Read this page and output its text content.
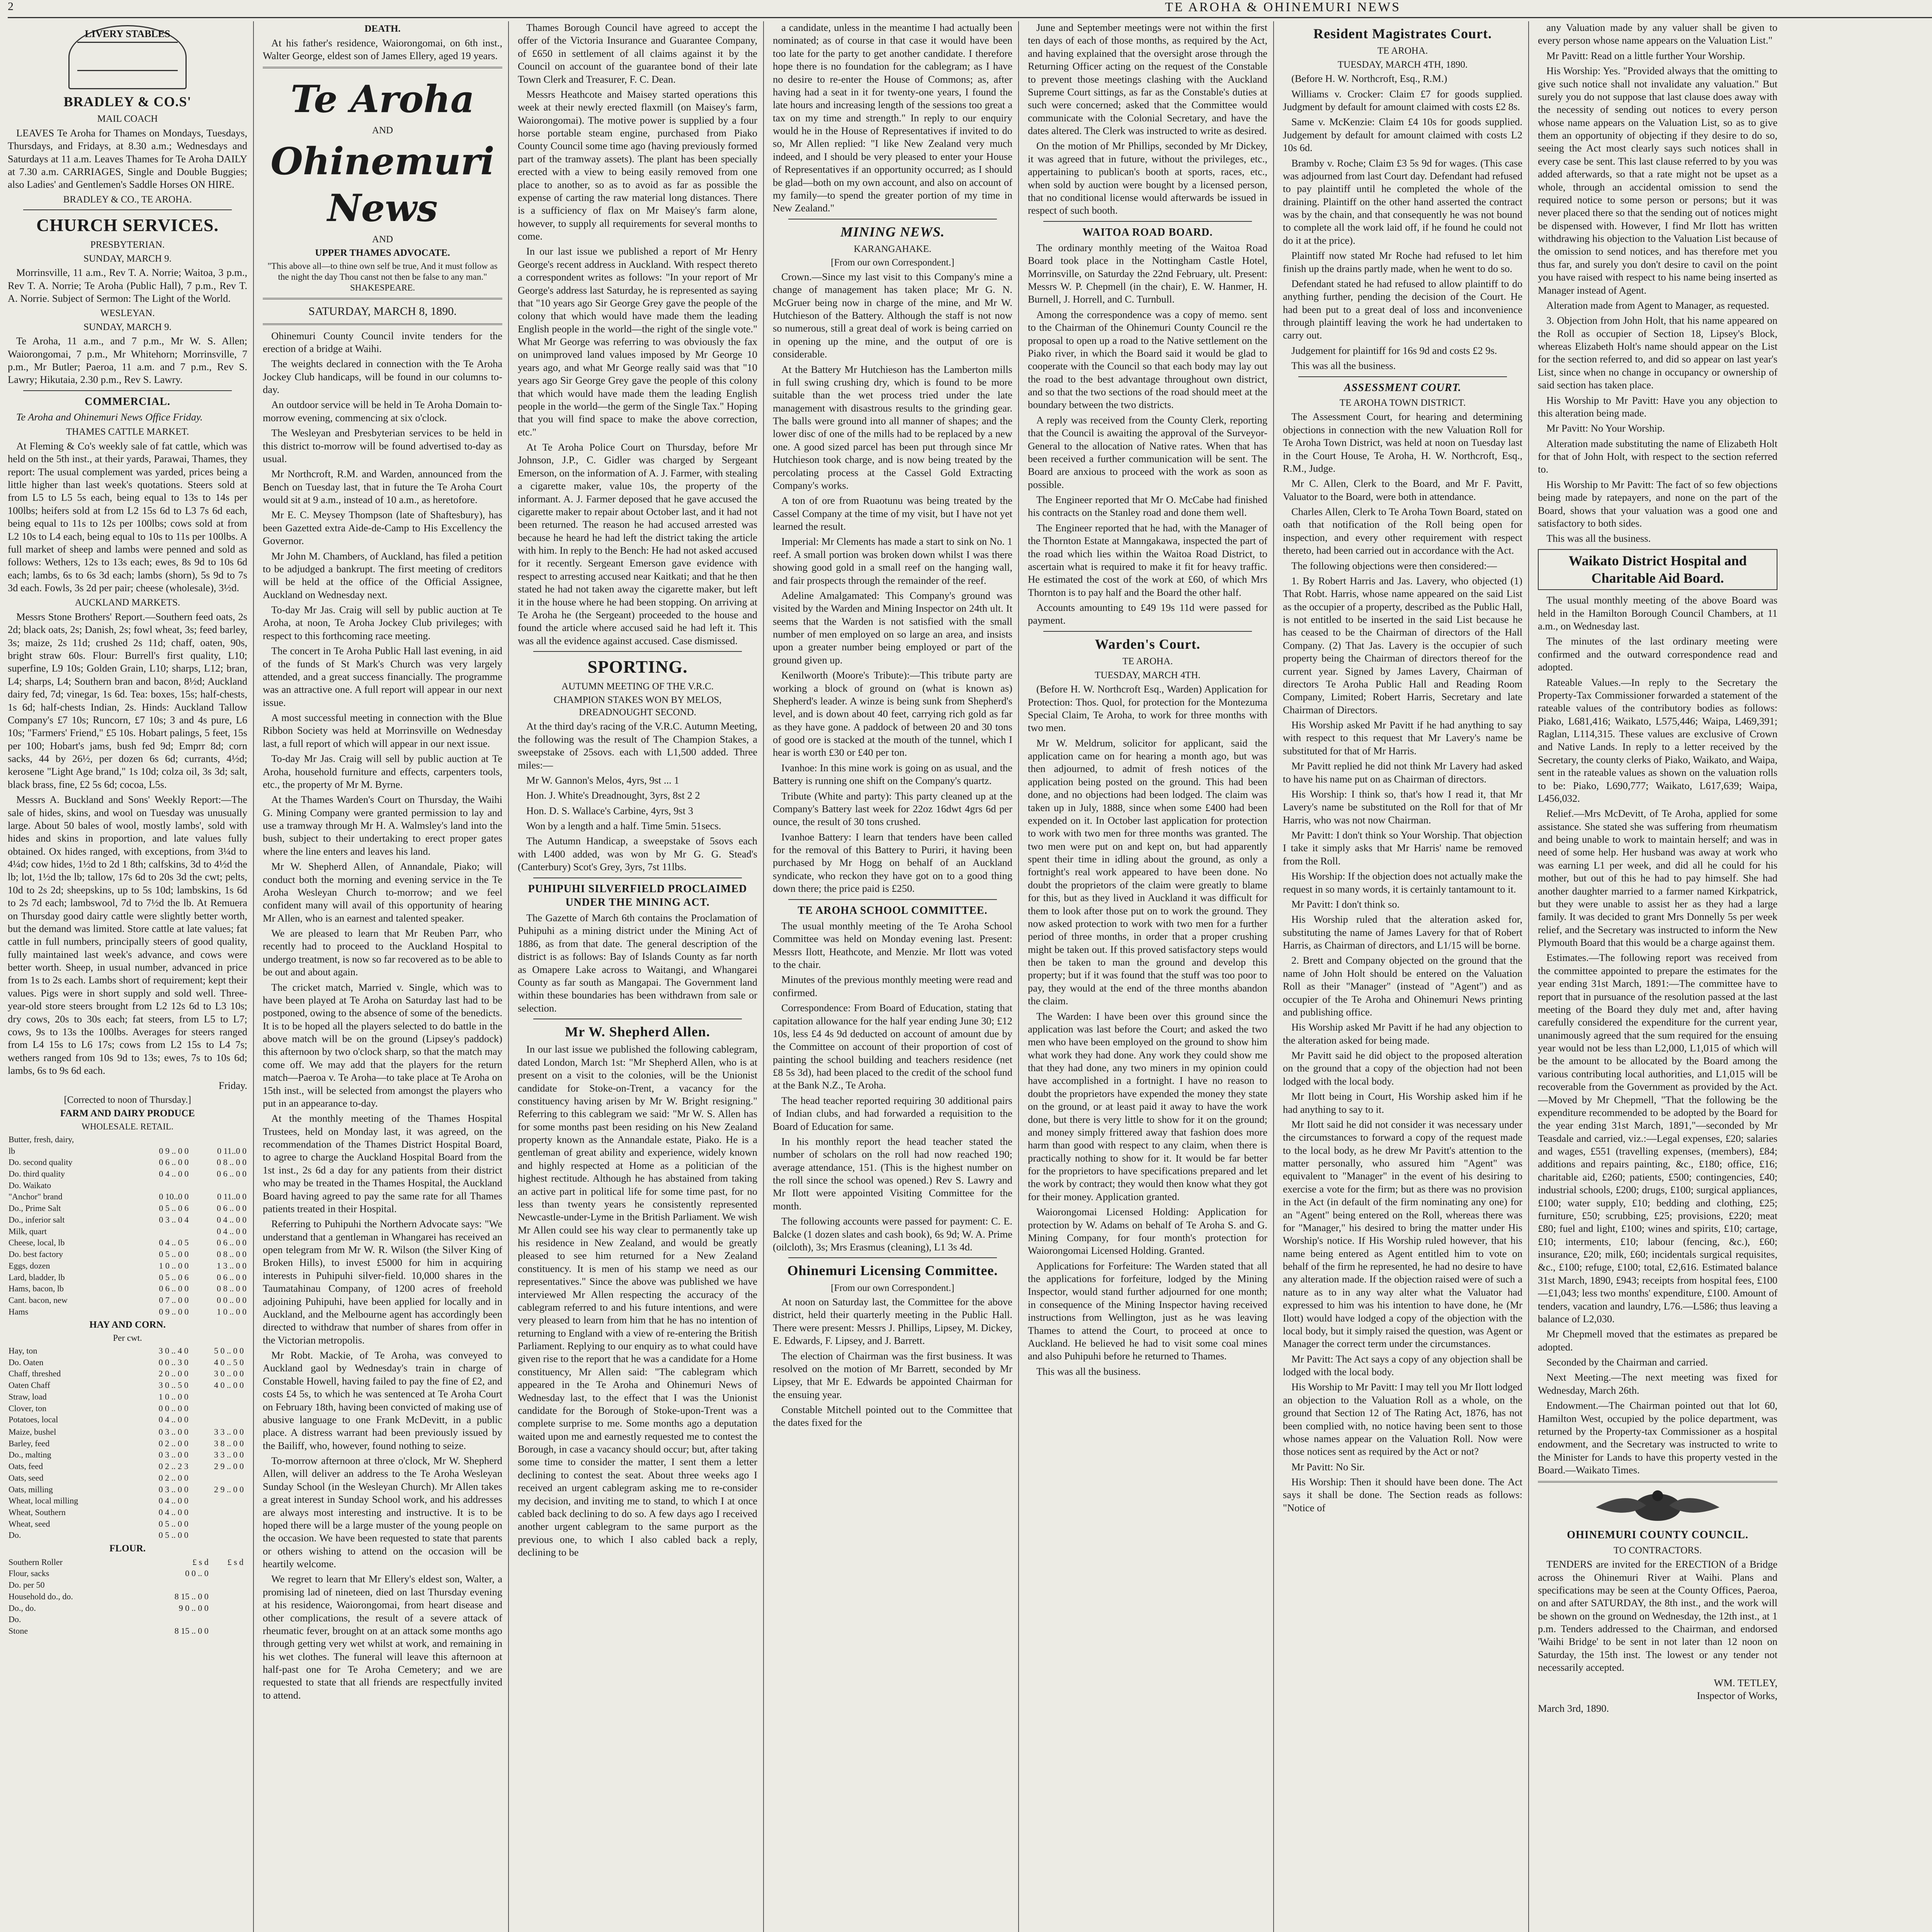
2	TE AROHA & OHINEMURI NEWS
LIVERY STABLES
BRADLEY & CO.S'
MAIL COACH

LEAVES Te Aroha for Thames on Mondays, Tuesdays, Thursdays, and Fridays, at 8.30 a.m.; Wednesdays and Saturdays at 11 a.m. Leaves Thames for Te Aroha DAILY at 7.30 a.m. CARRIAGES, Single and Double Buggies; also Ladies' and Gentlemen's Saddle Horses ON HIRE.

BRADLEY & CO., TE AROHA.
CHURCH SERVICES.
PRESBYTERIAN.
SUNDAY, MARCH 9.

Morrinsville, 11 a.m., Rev T. A. Norrie; Waitoa, 3 p.m., Rev T. A. Norrie; Te Aroha (Public Hall), 7 p.m., Rev T. A. Norrie. Subject of Sermon: The Light of the World.

WESLEYAN.
SUNDAY, MARCH 9.

Te Aroha, 11 a.m., and 7 p.m., Mr W. S. Allen; Waiorongomai, 7 p.m., Mr Whitehorn; Morrinsville, 7 p.m., Mr Butler; Paeroa, 11 a.m. and 7 p.m., Rev S. Lawry; Hikutaia, 2.30 p.m., Rev S. Lawry.

COMMERCIAL.

Te Aroha and Ohinemuri News Office Friday.

THAMES CATTLE MARKET.

At Fleming & Co's weekly sale of fat cattle, which was held on the 5th inst., at their yards, Parawai, Thames, they report: The usual complement was yarded, prices being a little higher than last week's quotations. Steers sold at from L5 to L5 5s each, being equal to 13s to 14s per 100lbs; heifers sold at from L2 15s 6d to L3 7s 6d each, being equal to 11s to 12s per 100lbs; cows sold at from L2 10s to L4 each, being equal to 10s to 11s per 100lbs. A full market of sheep and lambs were penned and sold as follows: Wethers, 12s to 13s each; ewes, 8s 9d to 10s 6d each; lambs, 6s to 6s 3d each; lambs (shorn), 5s 9d to 7s 3d each. Fowls, 3s 2d per pair; cheese (wholesale), 3½d.

AUCKLAND MARKETS.

Messrs Stone Brothers' Report.—Southern feed oats, 2s 2d; black oats, 2s; Danish, 2s; fowl wheat, 3s; feed barley, 3s; maize, 2s 11d; crushed 2s 11d; chaff, oaten, 90s, bright straw 60s. Flour: Burrell's first quality, L10; superfine, L9 10s; Golden Grain, L10; sharps, L12; bran, L4; sharps, L4; Southern bran and bacon, 8½d; Auckland dairy fed, 7d; vinegar, 1s 6d. Tea: boxes, 15s; half-chests, 1s 6d; half-chests Indian, 2s. Hinds: Auckland Tallow Company's £7 10s; Runcorn, £7 10s; 3 and 4s pure, L6 10s; "Farmers' Friend," £5 10s. Hobart palings, 5 feet, 15s per 100; Hobart's jams, bush fed 9d; Emprr 8d; corn sacks, 44 by 26½, per dozen 6s 6d; currants, 4½d; kerosene "Light Age brand," 1s 10d; colza oil, 3s 3d; salt, black brass, fine, £2 5s 6d; cocoa, L5s.

Messrs A. Buckland and Sons' Weekly Report:—The sale of hides, skins, and wool on Tuesday was unusually large. About 50 bales of wool, mostly lambs', sold with hides and skins in proportion, and late values fully obtained. Ox hides ranged, with exceptions, from 3¼d to 4¼d; cow hides, 1½d to 2d 1 8th; calfskins, 3d to 4½d the lb; lot, 1½d the lb; tallow, 17s 6d to 20s 3d the cwt; pelts, 10d to 2s 2d; sheepskins, up to 5s 10d; lambskins, 1s 6d to 2s 7d each; lambswool, 7d to 7½d the lb. At Remuera on Thursday good dairy cattle were slightly better worth, but the demand was limited. Store cattle at late values; fat cattle in full numbers, principally steers of good quality, fully maintained last week's advance, and cows were better worth. Sheep, in usual number, advanced in price from 1s to 2s each. Lambs short of requirement; kept their values. Pigs were in short supply and sold well. Three-year-old store steers brought from L2 12s 6d to L3 10s; dry cows, 20s to 30s each; fat steers, from L5 to L7; cows, 9s to 13s the 100lbs. Averages for steers ranged from L4 15s to L6 17s; cows from L2 15s to L4 7s; wethers ranged from 10s 9d to 13s; ewes, 7s to 10s 6d; lambs, 6s to 9s 6d each.

Friday.
[Corrected to noon of Thursday.]
FARM AND DAIRY PRODUCE
WHOLESALE. RETAIL.
Butter, fresh, dairy,		
lb	0 9 .. 0 0	0 11..0 0
Do. second quality	0 6 .. 0 0	0 8 .. 0 0
Do. third quality	0 4 .. 0 0	0 6 .. 0 0
Do. Waikato		
"Anchor" brand	0 10..0 0	0 11..0 0
Do., Prime Salt	0 5 .. 0 6	0 6 .. 0 0
Do., inferior salt	0 3 .. 0 4	0 4 .. 0 0
Milk, quart		0 4 .. 0 0
Cheese, local, lb	0 4 .. 0 5	0 6 .. 0 0
Do. best factory	0 5 .. 0 0	0 8 .. 0 0
Eggs, dozen	1 0 .. 0 0	1 3 .. 0 0
Lard, bladder, lb	0 5 .. 0 6	0 6 .. 0 0
Hams, bacon, lb	0 6 .. 0 0	0 8 .. 0 0
Cant. bacon, new	0 7 .. 0 0	0 0 .. 0 0
Hams	0 9 .. 0 0	1 0 .. 0 0
HAY AND CORN.
Per cwt.
Hay, ton	3 0 .. 4 0	5 0 .. 0 0	
Do. Oaten	0 0 .. 3 0	4 0 .. 5 0	
Chaff, threshed	2 0 .. 0 0	3 0 .. 0 0	
Oaten Chaff	3 0 .. 5 0	4 0 .. 0 0	
Straw, load	1 0 .. 0 0		
Clover, ton	0 0 .. 0 0		
Potatoes, local	0 4 .. 0 0		

Maize, bushel	0 3 .. 0 0	3 3 .. 0 0	
Barley, feed	0 2 .. 0 0	3 8 .. 0 0	
Do., malting	0 3 .. 0 0	3 3 .. 0 0	
Oats, feed	0 2 .. 2 3	2 9 .. 0 0	
Oats, seed	0 2 .. 0 0		
Oats, milling	0 3 .. 0 0	2 9 .. 0 0	
Wheat, local milling	0 4 .. 0 0		
Wheat, Southern	0 4 .. 0 0		
Wheat, seed	0 5 .. 0 0		
Do.	0 5 .. 0 0		
FLOUR.
Southern Roller	£ s d	£ s d	
Flour, sacks	0 0 .. 0		
Do. per 50			
Household do., do.	8 15 .. 0 0		
Do., do.	9 0 .. 0 0		
Do.			
Stone	8 15 .. 0 0		
DEATH.

At his father's residence, Waiorongomai, on 6th inst., Walter George, eldest son of James Ellery, aged 19 years.

Te Aroha
AND
Ohinemuri News
AND
UPPER THAMES ADVOCATE.

"This above all—to thine own self be true, And it must follow as the night the day Thou canst not then be false to any man." SHAKESPEARE.

SATURDAY, MARCH 8, 1890.

Ohinemuri County Council invite tenders for the erection of a bridge at Waihi.

The weights declared in connection with the Te Aroha Jockey Club handicaps, will be found in our columns to-day.

An outdoor service will be held in Te Aroha Domain to-morrow evening, commencing at six o'clock.

The Wesleyan and Presbyterian services to be held in this district to-morrow will be found advertised to-day as usual.

Mr Northcroft, R.M. and Warden, announced from the Bench on Tuesday last, that in future the Te Aroha Court would sit at 9 a.m., instead of 10 a.m., as heretofore.

Mr E. C. Meysey Thompson (late of Shaftesbury), has been Gazetted extra Aide-de-Camp to His Excellency the Governor.

Mr John M. Chambers, of Auckland, has filed a petition to be adjudged a bankrupt. The first meeting of creditors will be held at the office of the Official Assignee, Auckland on Wednesday next.

To-day Mr Jas. Craig will sell by public auction at Te Aroha, at noon, Te Aroha Jockey Club privileges; with respect to this forthcoming race meeting.

The concert in Te Aroha Public Hall last evening, in aid of the funds of St Mark's Church was very largely attended, and a great success financially. The programme was an attractive one. A full report will appear in our next issue.

A most successful meeting in connection with the Blue Ribbon Society was held at Morrinsville on Wednesday last, a full report of which will appear in our next issue.

To-day Mr Jas. Craig will sell by public auction at Te Aroha, household furniture and effects, carpenters tools, etc., the property of Mr M. Byrne.

At the Thames Warden's Court on Thursday, the Waihi G. Mining Company were granted permission to lay and use a tramway through Mr H. A. Walmsley's land into the bush, subject to their undertaking to erect proper gates where the line enters and leaves his land.

Mr W. Shepherd Allen, of Annandale, Piako; will conduct both the morning and evening service in the Te Aroha Wesleyan Church to-morrow; and we feel confident many will avail of this opportunity of hearing Mr Allen, who is an earnest and talented speaker.

We are pleased to learn that Mr Reuben Parr, who recently had to proceed to the Auckland Hospital to undergo treatment, is now so far recovered as to be able to be out and about again.

The cricket match, Married v. Single, which was to have been played at Te Aroha on Saturday last had to be postponed, owing to the absence of some of the benedicts. It is to be hoped all the players selected to do battle in the above match will be on the ground (Lipsey's paddock) this afternoon by two o'clock sharp, so that the match may come off. We may add that the players for the return match—Paeroa v. Te Aroha—to take place at Te Aroha on 15th inst., will be selected from amongst the players who put in an appearance to-day.

At the monthly meeting of the Thames Hospital Trustees, held on Monday last, it was agreed, on the recommendation of the Thames District Hospital Board, to agree to charge the Auckland Hospital Board from the 1st inst., 2s 6d a day for any patients from their district who may be treated in the Thames Hospital, the Auckland Board having agreed to pay the same rate for all Thames patients treated in their Hospital.

Referring to Puhipuhi the Northern Advocate says: "We understand that a gentleman in Whangarei has received an open telegram from Mr W. R. Wilson (the Silver King of Broken Hills), to invest £5000 for him in acquiring interests in Puhipuhi silver-field. 10,000 shares in the Taumatahinau Company, of 1200 acres of freehold adjoining Puhipuhi, have been applied for locally and in Auckland, and the Melbourne agent has accordingly been directed to withdraw that number of shares from offer in the Victorian metropolis.

Mr Robt. Mackie, of Te Aroha, was conveyed to Auckland gaol by Wednesday's train in charge of Constable Howell, having failed to pay the fine of £2, and costs £4 5s, to which he was sentenced at Te Aroha Court on February 18th, having been convicted of making use of abusive language to one Frank McDevitt, in a public place. A distress warrant had been previously issued by the Bailiff, who, however, found nothing to seize.

To-morrow afternoon at three o'clock, Mr W. Shepherd Allen, will deliver an address to the Te Aroha Wesleyan Sunday School (in the Wesleyan Church). Mr Allen takes a great interest in Sunday School work, and his addresses are always most interesting and instructive. It is to be hoped there will be a large muster of the young people on the occasion. We have been requested to state that parents or others wishing to attend on the occasion will be heartily welcome.

We regret to learn that Mr Ellery's eldest son, Walter, a promising lad of nineteen, died on last Thursday evening at his residence, Waiorongomai, from heart disease and other complications, the result of a severe attack of rheumatic fever, brought on at an attack some months ago through getting very wet whilst at work, and remaining in his wet clothes. The funeral will leave this afternoon at half-past one for Te Aroha Cemetery; and we are requested to state that all friends are respectfully invited to attend.

Thames Borough Council have agreed to accept the offer of the Victoria Insurance and Guarantee Company, of £650 in settlement of all claims against it by the Council on account of the guarantee bond of their late Town Clerk and Treasurer, F. C. Dean.

Messrs Heathcote and Maisey started operations this week at their newly erected flaxmill (on Maisey's farm, Waiorongomai). The motive power is supplied by a four horse portable steam engine, purchased from Piako County Council some time ago (having previously formed part of the tramway assets). The plant has been specially erected with a view to being easily removed from one place to another, so as to avoid as far as possible the expense of carting the raw material long distances. There is a sufficiency of flax on Mr Maisey's farm alone, however, to supply all requirements for several months to come.

In our last issue we published a report of Mr Henry George's recent address in Auckland. With respect thereto a correspondent writes as follows: "In your report of Mr George's address last Saturday, he is represented as saying that "10 years ago Sir George Grey gave the people of the colony that which would have made them the leading English people in the world—the right of the single vote." What Mr George was referring to was obviously the fax on unimproved land values imposed by Mr George 10 years ago, and what Mr George really said was that "10 years ago Sir George Grey gave the people of this colony that which would have made them the leading English people in the world—the germ of the Single Tax." Hoping that you will find space to make the above correction, etc."

At Te Aroha Police Court on Thursday, before Mr Johnson, J.P., C. Gidler was charged by Sergeant Emerson, on the information of A. J. Farmer, with stealing a cigarette maker, value 10s, the property of the informant. A. J. Farmer deposed that he gave accused the cigarette maker to repair about October last, and it had not been returned. The reason he had accused arrested was because he heard he had left the district taking the article with him. In reply to the Bench: He had not asked accused for it recently. Sergeant Emerson gave evidence with respect to arresting accused near Kaitkati; and that he then stated he had not taken away the cigarette maker, but left it in the house where he had been stopping. On arriving at Te Aroha he (the Sergeant) proceeded to the house and found the article where accused said he had left it. This was all the evidence against accused. Case dismissed.

SPORTING.
AUTUMN MEETING OF THE V.R.C.
CHAMPION STAKES WON BY MELOS, DREADNOUGHT SECOND.

At the third day's racing of the V.R.C. Autumn Meeting, the following was the result of The Champion Stakes, a sweepstake of 25sovs. each with L1,500 added. Three miles:—

Mr W. Gannon's Melos, 4yrs, 9st ... 1

Hon. J. White's Dreadnought, 3yrs, 8st 2 2

Hon. D. S. Wallace's Carbine, 4yrs, 9st 3

Won by a length and a half. Time 5min. 51secs.

The Autumn Handicap, a sweepstake of 5sovs each with L400 added, was won by Mr G. G. Stead's (Canterbury) Scot's Grey, 3yrs, 7st 11lbs.

PUHIPUHI SILVERFIELD PROCLAIMED UNDER THE MINING ACT.

The Gazette of March 6th contains the Proclamation of Puhipuhi as a mining district under the Mining Act of 1886, as from that date. The general description of the district is as follows: Bay of Islands County as far north as Omapere Lake across to Waitangi, and Whangarei County as far south as Mangapai. The Government land within these boundaries has been withdrawn from sale or selection.

Mr W. Shepherd Allen.

In our last issue we published the following cablegram, dated London, March 1st: "Mr Shepherd Allen, who is at present on a visit to the colonies, will be the Unionist candidate for Stoke-on-Trent, a vacancy for the constituency having arisen by Mr W. Bright resigning." Referring to this cablegram we said: "Mr W. S. Allen has for some months past been residing on his New Zealand property known as the Annandale estate, Piako. He is a gentleman of great ability and experience, widely known and highly respected at Home as a politician of the highest rectitude. Although he has abstained from taking an active part in political life for some time past, for no less than twenty years he consistently represented Newcastle-under-Lyme in the British Parliament. We wish Mr Allen could see his way clear to permanently take up his residence in New Zealand, and would be greatly pleased to see him returned for a New Zealand constituency. It is men of his stamp we need as our representatives." Since the above was published we have interviewed Mr Allen respecting the accuracy of the cablegram referred to and his future intentions, and were very pleased to learn from him that he has no intention of returning to England with a view of re-entering the British Parliament. Replying to our enquiry as to what could have given rise to the report that he was a candidate for a Home constituency, Mr Allen said: "The cablegram which appeared in the Te Aroha and Ohinemuri News of Wednesday last, to the effect that I was the Unionist candidate for the Borough of Stoke-upon-Trent was a complete surprise to me. Some months ago a deputation waited upon me and earnestly requested me to contest the Borough, in case a vacancy should occur; but, after taking some time to consider the matter, I sent them a letter declining to contest the seat. About three weeks ago I received an urgent cablegram asking me to re-consider my decision, and inviting me to stand, to which I at once cabled back declining to do so. A few days ago I received another urgent cablegram to the same purport as the previous one, to which I also cabled back a reply, declining to be

a candidate, unless in the meantime I had actually been nominated; as of course in that case it would have been too late for the party to get another candidate. I therefore hope there is no foundation for the cablegram; as I have no desire to re-enter the House of Commons; as, after having had a seat in it for twenty-one years, I found the late hours and increasing length of the sessions too great a tax on my time and strength." In reply to our enquiry would he in the House of Representatives if invited to do so, Mr Allen replied: "I like New Zealand very much indeed, and I should be very pleased to enter your House of Representatives if an opportunity occurred; as I should be glad—both on my own account, and also on account of my family—to spend the greater portion of my time in New Zealand."

MINING NEWS.
KARANGAHAKE.
[From our own Correspondent.]

Crown.—Since my last visit to this Company's mine a change of management has taken place; Mr G. N. McGruer being now in charge of the mine, and Mr W. Hutchieson of the Battery. Although the staff is not now so numerous, still a great deal of work is being carried on in opening up the mine, and the output of ore is considerable.

At the Battery Mr Hutchieson has the Lamberton mills in full swing crushing dry, which is found to be more suitable than the wet process tried under the late management with disastrous results to the grinding gear. The balls were ground into all manner of shapes; and the lower disc of one of the mills had to be replaced by a new one. A good sized parcel has been put through since Mr Hutchieson took charge, and is now being treated by the percolating process at the Cassel Gold Extracting Company's works.

A ton of ore from Ruaotunu was being treated by the Cassel Company at the time of my visit, but I have not yet learned the result.

Imperial: Mr Clements has made a start to sink on No. 1 reef. A small portion was broken down whilst I was there showing good gold in a small reef on the hanging wall, and fair prospects through the remainder of the reef.

Adeline Amalgamated: This Company's ground was visited by the Warden and Mining Inspector on 24th ult. It seems that the Warden is not satisfied with the small number of men employed on so large an area, and insists upon a greater number being employed or part of the ground given up.

Kenilworth (Moore's Tribute):—This tribute party are working a block of ground on (what is known as) Shepherd's leader. A winze is being sunk from Shepherd's level, and is down about 40 feet, carrying rich gold as far as they have gone. A paddock of between 20 and 30 tons of good ore is stacked at the mouth of the tunnel, which I hear is worth £30 or £40 per ton.

Ivanhoe: In this mine work is going on as usual, and the Battery is running one shift on the Company's quartz.

Tribute (White and party): This party cleaned up at the Company's Battery last week for 22oz 16dwt 4grs 6d per ounce, the result of 30 tons crushed.

Ivanhoe Battery: I learn that tenders have been called for the removal of this Battery to Puriri, it having been purchased by Mr Hogg on behalf of an Auckland syndicate, who reckon they have got on to a good thing down there; the price paid is £250.

TE AROHA SCHOOL COMMITTEE.

The usual monthly meeting of the Te Aroha School Committee was held on Monday evening last. Present: Messrs Ilott, Heathcote, and Menzie. Mr Ilott was voted to the chair.

Minutes of the previous monthly meeting were read and confirmed.

Correspondence: From Board of Education, stating that capitation allowance for the half year ending June 30; £12 10s, less £4 4s 9d deducted on account of amount due by the Committee on account of their proportion of cost of painting the school building and teachers residence (net £8 5s 3d), had been placed to the credit of the school fund at the Bank N.Z., Te Aroha.

The head teacher reported requiring 30 additional pairs of Indian clubs, and had forwarded a requisition to the Board of Education for same.

In his monthly report the head teacher stated the number of scholars on the roll had now reached 190; average attendance, 151. (This is the highest number on the roll since the school was opened.) Rev S. Lawry and Mr Ilott were appointed Visiting Committee for the month.

The following accounts were passed for payment: C. E. Balcke (1 dozen slates and cash book), 6s 9d; W. A. Prime (oilcloth), 3s; Mrs Erasmus (cleaning), L1 3s 4d.

Ohinemuri Licensing Committee.
[From our own Correspondent.]

At noon on Saturday last, the Committee for the above district, held their quarterly meeting in the Public Hall. There were present: Messrs J. Phillips, Lipsey, M. Dickey, E. Edwards, F. Lipsey, and J. Barrett.

The election of Chairman was the first business. It was resolved on the motion of Mr Barrett, seconded by Mr Lipsey, that Mr E. Edwards be appointed Chairman for the ensuing year.

Constable Mitchell pointed out to the Committee that the dates fixed for the

June and September meetings were not within the first ten days of each of those months, as required by the Act, and having explained that the oversight arose through the Returning Officer acting on the request of the Constable to prevent those meetings clashing with the Auckland Supreme Court sittings, as far as the Constable's duties at such were concerned; asked that the Committee would communicate with the Colonial Secretary, and have the dates altered. The Clerk was instructed to write as desired.

On the motion of Mr Phillips, seconded by Mr Dickey, it was agreed that in future, without the privileges, etc., appertaining to publican's booth at sports, races, etc., when sold by auction were bought by a licensed person, that no conditional license would afterwards be issued in respect of such booth.

WAITOA ROAD BOARD.

The ordinary monthly meeting of the Waitoa Road Board took place in the Nottingham Castle Hotel, Morrinsville, on Saturday the 22nd February, ult. Present: Messrs W. P. Chepmell (in the chair), E. W. Hanmer, H. Burnell, J. Horrell, and C. Turnbull.

Among the correspondence was a copy of memo. sent to the Chairman of the Ohinemuri County Council re the proposal to open up a road to the Native settlement on the Piako river, in which the Board said it would be glad to cooperate with the Council so that each body may lay out the road to the best advantage throughout own district, and so that the two sections of the road should meet at the boundary between the two districts.

A reply was received from the County Clerk, reporting that the Council is awaiting the approval of the Surveyor-General to the allocation of Native rates. When that has been received a further communication will be sent. The Board are anxious to proceed with the work as soon as possible.

The Engineer reported that Mr O. McCabe had finished his contracts on the Stanley road and done them well.

The Engineer reported that he had, with the Manager of the Thornton Estate at Manngakawa, inspected the part of the road which lies within the Waitoa Road District, to ascertain what is required to make it fit for heavy traffic. He estimated the cost of the work at £60, of which Mrs Thornton is to pay half and the Board the other half.

Accounts amounting to £49 19s 11d were passed for payment.

Warden's Court.
TE AROHA.
TUESDAY, MARCH 4TH.

(Before H. W. Northcroft Esq., Warden) Application for Protection: Thos. Quol, for protection for the Montezuma Special Claim, Te Aroha, to work for three months with two men.

Mr W. Meldrum, solicitor for applicant, said the application came on for hearing a month ago, but was then adjourned, to admit of fresh notices of the application being posted on the ground. This had been done, and no objections had been lodged. The claim was taken up in July, 1888, since when some £400 had been expended on it. In October last application for protection to work with two men for three months was granted. The two men were put on and kept on, but had apparently spent their time in idling about the ground, as only a fortnight's real work appeared to have been done. No doubt the proprietors of the claim were greatly to blame for this, but as they lived in Auckland it was difficult for them to look after those put on to work the ground. They now asked protection to work with two men for a further period of three months, in order that a proper crushing might be taken out. If this proved satisfactory steps would then be taken to man the ground and develop this property; but if it was found that the stuff was too poor to pay, they would at the end of the three months abandon the claim.

The Warden: I have been over this ground since the application was last before the Court; and asked the two men who have been employed on the ground to show him what work they had done. Any work they could show me that they had done, any two miners in my opinion could have accomplished in a fortnight. I have no reason to doubt the proprietors have expended the money they state on the ground, or at least paid it away to have the work done, but there is very little to show for it on the ground; and money simply frittered away that fashion does more harm than good with respect to any claim, when there is practically nothing to show for it. It would be far better for the proprietors to have specifications prepared and let the work by contract; they would then know what they got for their money. Application granted.

Waiorongomai Licensed Holding: Application for protection by W. Adams on behalf of Te Aroha S. and G. Mining Company, for four month's protection for Waiorongomai Licensed Holding. Granted.

Applications for Forfeiture: The Warden stated that all the applications for forfeiture, lodged by the Mining Inspector, would stand further adjourned for one month; in consequence of the Mining Inspector having received instructions from Wellington, just as he was leaving Thames to attend the Court, to proceed at once to Auckland. He believed he had to visit some coal mines and also Puhipuhi before he returned to Thames.

This was all the business.

Resident Magistrates Court.
TE AROHA.
TUESDAY, MARCH 4TH, 1890.

(Before H. W. Northcroft, Esq., R.M.)

Williams v. Crocker: Claim £7 for goods supplied. Judgment by default for amount claimed with costs £2 8s.

Same v. McKenzie: Claim £4 10s for goods supplied. Judgement by default for amount claimed with costs L2 10s 6d.

Bramby v. Roche; Claim £3 5s 9d for wages. (This case was adjourned from last Court day. Defendant had refused to pay plaintiff until he completed the whole of the draining. Plaintiff on the other hand asserted the contract was by the chain, and that consequently he was not bound to complete all the work laid off, if he found he could not do it at the price).

Plaintiff now stated Mr Roche had refused to let him finish up the drains partly made, when he went to do so.

Defendant stated he had refused to allow plaintiff to do anything further, pending the decision of the Court. He had been put to a great deal of loss and inconvenience through plaintiff leaving the work he had undertaken to carry out.

Judgement for plaintiff for 16s 9d and costs £2 9s.

This was all the business.

ASSESSMENT COURT.
TE AROHA TOWN DISTRICT.

The Assessment Court, for hearing and determining objections in connection with the new Valuation Roll for Te Aroha Town District, was held at noon on Tuesday last in the Court House, Te Aroha, H. W. Northcroft, Esq., R.M., Judge.

Mr C. Allen, Clerk to the Board, and Mr F. Pavitt, Valuator to the Board, were both in attendance.

Charles Allen, Clerk to Te Aroha Town Board, stated on oath that notification of the Roll being open for inspection, and every other requirement with respect thereto, had been carried out in accordance with the Act.

The following objections were then considered:—

1. By Robert Harris and Jas. Lavery, who objected (1) That Robt. Harris, whose name appeared on the said List as the occupier of a property, described as the Public Hall, is not entitled to be inserted in the said List because he has ceased to be the Chairman of directors of the Hall Company. (2) That Jas. Lavery is the occupier of such property being the Chairman of directors thereof for the current year. Signed by James Lavery, Chairman of directors Te Aroha Public Hall and Reading Room Company, Limited; Robert Harris, Secretary and late Chairman of Directors.

His Worship asked Mr Pavitt if he had anything to say with respect to this request that Mr Lavery's name be substituted for that of Mr Harris.

Mr Pavitt replied he did not think Mr Lavery had asked to have his name put on as Chairman of directors.

His Worship: I think so, that's how I read it, that Mr Lavery's name be substituted on the Roll for that of Mr Harris, who was not now Chairman.

Mr Pavitt: I don't think so Your Worship. That objection I take it simply asks that Mr Harris' name be removed from the Roll.

His Worship: If the objection does not actually make the request in so many words, it is certainly tantamount to it.

Mr Pavitt: I don't think so.

His Worship ruled that the alteration asked for, substituting the name of James Lavery for that of Robert Harris, as Chairman of directors, and L1/15 will be borne.

2. Brett and Company objected on the ground that the name of John Holt should be entered on the Valuation Roll as their "Manager" (instead of "Agent") and as occupier of the Te Aroha and Ohinemuri News printing and publishing office.

His Worship asked Mr Pavitt if he had any objection to the alteration asked for being made.

Mr Pavitt said he did object to the proposed alteration on the ground that a copy of the objection had not been lodged with the local body.

Mr Ilott being in Court, His Worship asked him if he had anything to say to it.

Mr Ilott said he did not consider it was necessary under the circumstances to forward a copy of the request made to the local body, as he drew Mr Pavitt's attention to the matter personally, who assured him "Agent" was equivalent to "Manager" in the event of his desiring to exercise a vote for the firm; but as there was no provision in the Act (in default of the firm nominating any one) for an "Agent" being entered on the Roll, whereas there was for "Manager," his desired to bring the matter under His Worship's notice. If His Worship ruled however, that his name being entered as Agent entitled him to vote on behalf of the firm he represented, he had no desire to have any alteration made. If the objection raised were of such a nature as to in any way alter what the Valuator had expressed to him was his intention to have done, he (Mr Ilott) would have lodged a copy of the objection with the local body, but it simply raised the question, was Agent or Manager the correct term under the circumstances.

Mr Pavitt: The Act says a copy of any objection shall be lodged with the local body.

His Worship to Mr Pavitt: I may tell you Mr Ilott lodged an objection to the Valuation Roll as a whole, on the ground that Section 12 of The Rating Act, 1876, has not been complied with, no notice having been sent to those whose names appear on the Valuation Roll. Now were those notices sent as required by the Act or not?

Mr Pavitt: No Sir.

His Worship: Then it should have been done. The Act says it shall be done. The Section reads as follows: "Notice of

any Valuation made by any valuer shall be given to every person whose name appears on the Valuation List."

Mr Pavitt: Read on a little further Your Worship.

His Worship: Yes. "Provided always that the omitting to give such notice shall not invalidate any valuation." But surely you do not suppose that last clause does away with the necessity of sending out notices to every person whose name appears on the Valuation List, so as to give them an opportunity of objecting if they desire to do so, seeing the Act most clearly says such notices shall in every case be sent. This last clause referred to by you was added afterwards, so that a rate might not be upset as a whole, through an accidental omission to send the required notice to some person or persons; but it was never placed there so that the sending out of notices might be dispensed with. However, I find Mr Ilott has written withdrawing his objection to the Valuation List because of the omission to send notices, and has therefore met you thus far, and surely you don't desire to cavil on the point you have raised with respect to his name being inserted as Manager instead of Agent.

Alteration made from Agent to Manager, as requested.

3. Objection from John Holt, that his name appeared on the Roll as occupier of Section 18, Lipsey's Block, whereas Elizabeth Holt's name should appear on the List for the section referred to, and did so appear on last year's List, since when no change in occupancy or ownership of said section has taken place.

His Worship to Mr Pavitt: Have you any objection to this alteration being made.

Mr Pavitt: No Your Worship.

Alteration made substituting the name of Elizabeth Holt for that of John Holt, with respect to the section referred to.

His Worship to Mr Pavitt: The fact of so few objections being made by ratepayers, and none on the part of the Board, shows that your valuation was a good one and satisfactory to both sides.

This was all the business.

Waikato District Hospital and Charitable Aid Board.

The usual monthly meeting of the above Board was held in the Hamilton Borough Council Chambers, at 11 a.m., on Wednesday last.

The minutes of the last ordinary meeting were confirmed and the outward correspondence read and adopted.

Rateable Values.—In reply to the Secretary the Property-Tax Commissioner forwarded a statement of the rateable values of the contributory bodies as follows: Piako, L681,416; Waikato, L575,446; Waipa, L469,391; Raglan, L114,315. These values are exclusive of Crown and Native Lands. In reply to a letter received by the Secretary, the county clerks of Piako, Waikato, and Waipa, sent in the rateable values as shown on the valuation rolls to be: Piako, L690,777; Waikato, L617,639; Waipa, L456,032.

Relief.—Mrs McDevitt, of Te Aroha, applied for some assistance. She stated she was suffering from rheumatism and being unable to work to maintain herself; and was in need of some help. Her husband was away at work who was earning L1 per week, and did all he could for his mother, but out of this he had to pay himself. She had another daughter married to a farmer named Kirkpatrick, but they were unable to assist her as they had a large family. It was decided to grant Mrs Donnelly 5s per week relief, and the Secretary was instructed to inform the New Plymouth Board that this would be a charge against them.

Estimates.—The following report was received from the committee appointed to prepare the estimates for the year ending 31st March, 1891:—The committee have to report that in pursuance of the resolution passed at the last meeting of the Board they duly met and, after having carefully considered the expenditure for the current year, unanimously agreed that the sum required for the ensuing year would not be less than L2,000, L1,015 of which will be the amount to be allocated by the Board among the various contributing local authorities, and L1,015 will be recoverable from the Government as provided by the Act.—Moved by Mr Chepmell, "That the following be the expenditure recommended to be adopted by the Board for the year ending 31st March, 1891,"—seconded by Mr Teasdale and carried, viz.:—Legal expenses, £20; salaries and wages, £551 (travelling expenses, (members), £84; additions and repairs painting, &c., £180; office, £16; charitable aid, £260; patients, £500; contingencies, £40; industrial schools, £200; drugs, £100; surgical appliances, £100; water supply, £10; bedding and clothing, £25; furniture, £50; scrubbing, £25; provisions, £220; meat £80; fuel and light, £100; wines and spirits, £10; cartage, £10; interments, £10; labour (fencing, &c.), £60; insurance, £20; milk, £60; incidentals surgical requisites, &c., £100; refuge, £100; total, £2,616. Estimated balance 31st March, 1890, £943; receipts from hospital fees, £100—£1,043; less two months' expenditure, £100. Amount of tenders, vacation and laundry, L76.—L586; thus leaving a balance of L2,030.

Mr Chepmell moved that the estimates as prepared be adopted.

Seconded by the Chairman and carried.

Next Meeting.—The next meeting was fixed for Wednesday, March 26th.

Endowment.—The Chairman pointed out that lot 60, Hamilton West, occupied by the police department, was returned by the Property-tax Commissioner as a hospital endowment, and the Secretary was instructed to write to the Minister for Lands to have this property vested in the Board.—Waikato Times.

OHINEMURI COUNTY COUNCIL.
TO CONTRACTORS.

TENDERS are invited for the ERECTION of a Bridge across the Ohinemuri River at Waihi. Plans and specifications may be seen at the County Offices, Paeroa, on and after SATURDAY, the 8th inst., and the work will be shown on the ground on Wednesday, the 12th inst., at 1 p.m. Tenders addressed to the Chairman, and endorsed 'Waihi Bridge' to be sent in not later than 12 noon on Saturday, the 15th inst. The lowest or any tender not necessarily accepted.

WM. TETLEY,
Inspector of Works,
March 3rd, 1890.
